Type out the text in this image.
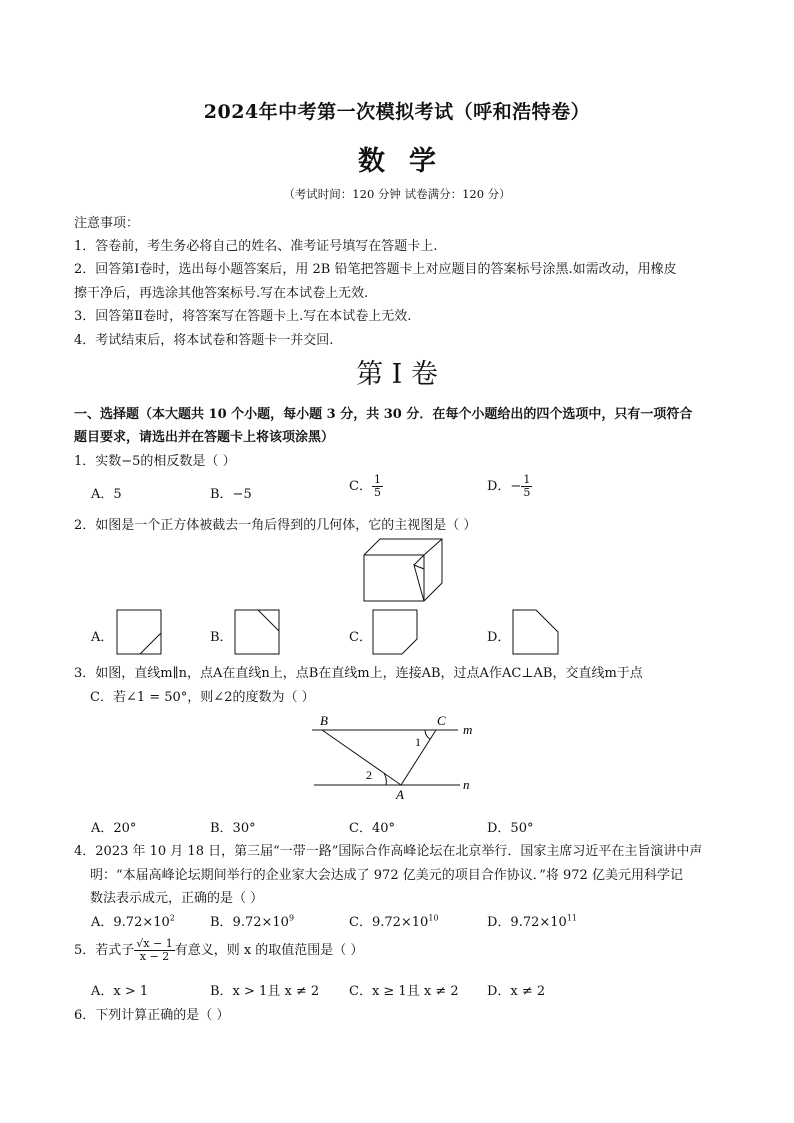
2024年中考第一次模拟考试（呼和浩特卷）
数 学
（考试时间：120 分钟 试卷满分：120 分）
注意事项：
1．答卷前，考生务必将自己的姓名、准考证号填写在答题卡上.
2．回答第Ⅰ卷时，选出每小题答案后，用 2B 铅笔把答题卡上对应题目的答案标号涂黑.如需改动，用橡皮
擦干净后，再选涂其他答案标号.写在本试卷上无效.
3．回答第Ⅱ卷时，将答案写在答题卡上.写在本试卷上无效.
4．考试结束后，将本试卷和答题卡一并交回.
第 I 卷
一、选择题（本大题共 10 个小题，每小题 3 分，共 30 分．在每个小题给出的四个选项中，只有一项符合
题目要求，请选出并在答题卡上将该项涂黑）
1．实数−5的相反数是（ ）
A．5	B．−5
C． $\frac{1}{5}$	D．− $\frac{1}{5}$
2．如图是一个正方体被截去一角后得到的几何体，它的主视图是（ ）
A．	B．	C．	D．
3．如图，直线m∥n，点A在直线n上，点B在直线m上，连接AB，过点A作AC⊥AB，交直线m于点
C．若∠1 = 50°，则∠2的度数为（ ）
B	C
m
n
A
1
2
A．20°	B．30°	C．40°	D．50°
4．2023 年 10 月 18 日，第三届“一带一路”国际合作高峰论坛在北京举行．国家主席习近平在主旨演讲中声
明：“本届高峰论坛期间举行的企业家大会达成了 972 亿美元的项目合作协议．”将 972 亿美元用科学记
数法表示成元，正确的是（ ）
A．$9.72\times 10^2$	B．$9.72\times 10^9$	C．$9.72\times 10^{10}$	D．$9.72\times 10^{11}$
5．若式子 $\frac{√x - 1}{x - 2}$ 有意义，则 x 的取值范围是（ ）
A．x > 1	B．x > 1且 x ≠ 2 C．x ≥ 1且 x ≠ 2 D．x ≠ 2
6．下列计算正确的是（ ）
